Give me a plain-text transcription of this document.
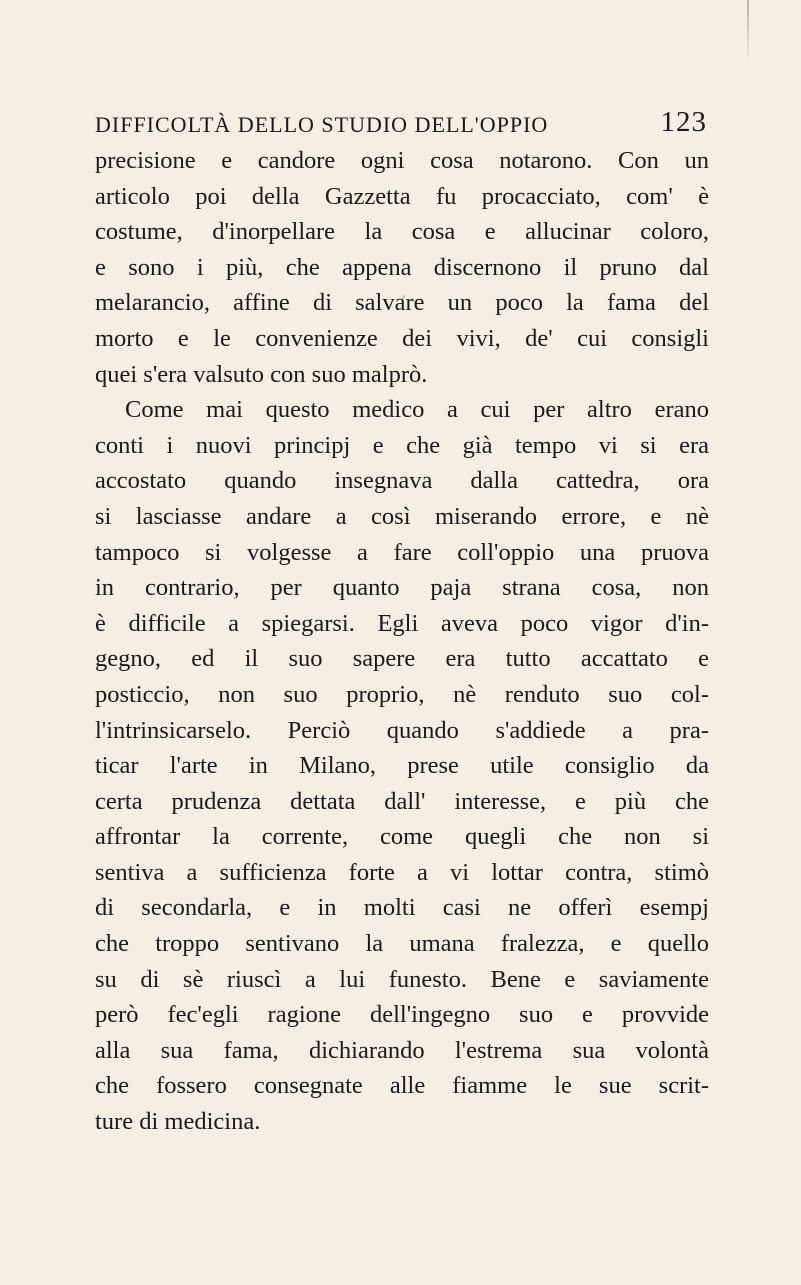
DIFFICOLTÀ DELLO STUDIO DELL'OPPIO	123
precisione e candore ogni cosa notarono. Con un
articolo poi della Gazzetta fu procacciato, com' è
costume, d'inorpellare la cosa e allucinar coloro,
e sono i più, che appena discernono il pruno dal
melarancio, affine di salvare un poco la fama del
morto e le convenienze dei vivi, de' cui consigli
quei s'era valsuto con suo malprò.
Come mai questo medico a cui per altro erano
conti i nuovi principj e che già tempo vi si era
accostato quando insegnava dalla cattedra, ora
si lasciasse andare a così miserando errore, e nè
tampoco si volgesse a fare coll'oppio una pruova
in contrario, per quanto paja strana cosa, non
è difficile a spiegarsi. Egli aveva poco vigor d'in-
gegno, ed il suo sapere era tutto accattato e
posticcio, non suo proprio, nè renduto suo col-
l'intrinsicarselo. Perciò quando s'addiede a pra-
ticar l'arte in Milano, prese utile consiglio da
certa prudenza dettata dall' interesse, e più che
affrontar la corrente, come quegli che non si
sentiva a sufficienza forte a vi lottar contra, stimò
di secondarla, e in molti casi ne offerì esempj
che troppo sentivano la umana fralezza, e quello
su di sè riuscì a lui funesto. Bene e saviamente
però fec'egli ragione dell'ingegno suo e provvide
alla sua fama, dichiarando l'estrema sua volontà
che fossero consegnate alle fiamme le sue scrit-
ture di medicina.
